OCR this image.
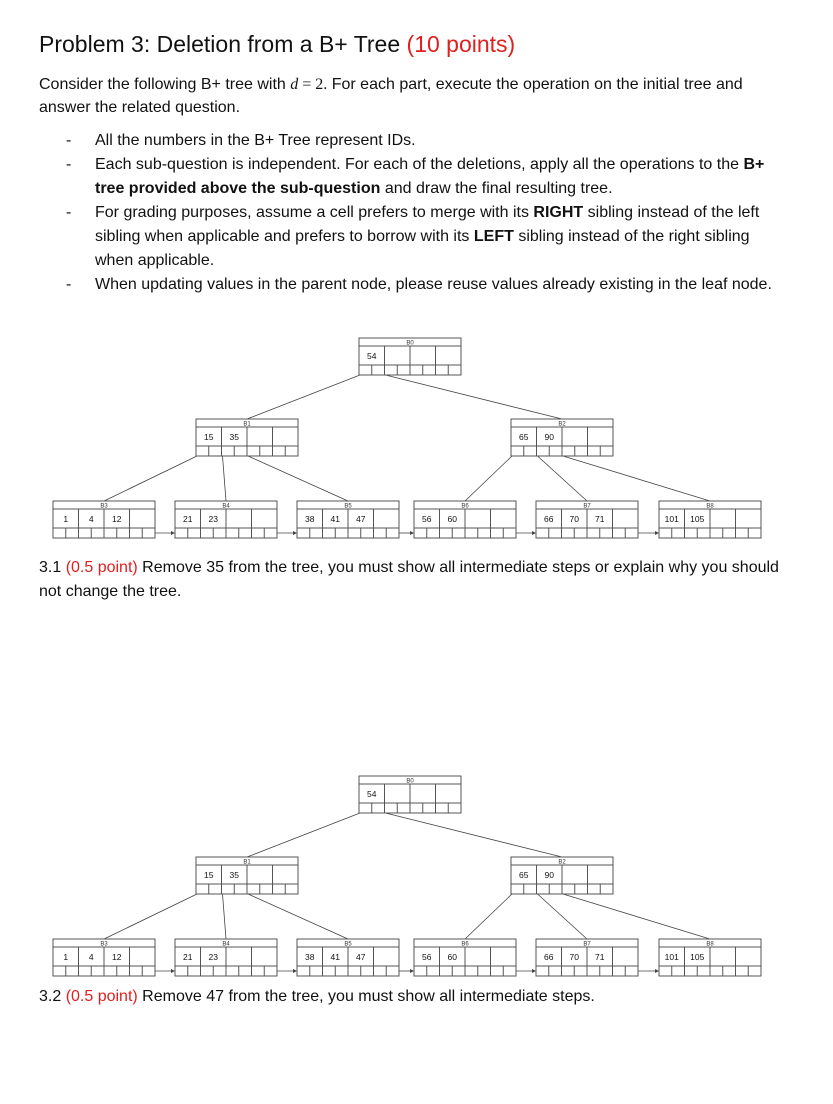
Problem 3: Deletion from a B+ Tree (10 points)

Consider the following B+ tree with d = 2. For each part, execute the operation on the initial tree and answer the related question.

- All the numbers in the B+ Tree represent IDs.
- Each sub-question is independent. For each of the deletions, apply all the operations to the B+ tree provided above the sub-question and draw the final resulting tree.
- For grading purposes, assume a cell prefers to merge with its RIGHT sibling instead of the left sibling when applicable and prefers to borrow with its LEFT sibling instead of the right sibling when applicable.
- When updating values in the parent node, please reuse values already existing in the leaf node.
B0
54
B1
15 35
B2
65 90
B3
1 4 12
B4
21 23
B5
38 41 47
B6
56 60
B7
66 70 71
B8
101 105

3.1 (0.5 point) Remove 35 from the tree, you must show all intermediate steps or explain why you should not change the tree.

B0
54
B1
15 35
B2
65 90
B3
1 4 12
B4
21 23
B5
38 41 47
B6
56 60
B7
66 70 71
B8
101 105

3.2 (0.5 point) Remove 47 from the tree, you must show all intermediate steps.
